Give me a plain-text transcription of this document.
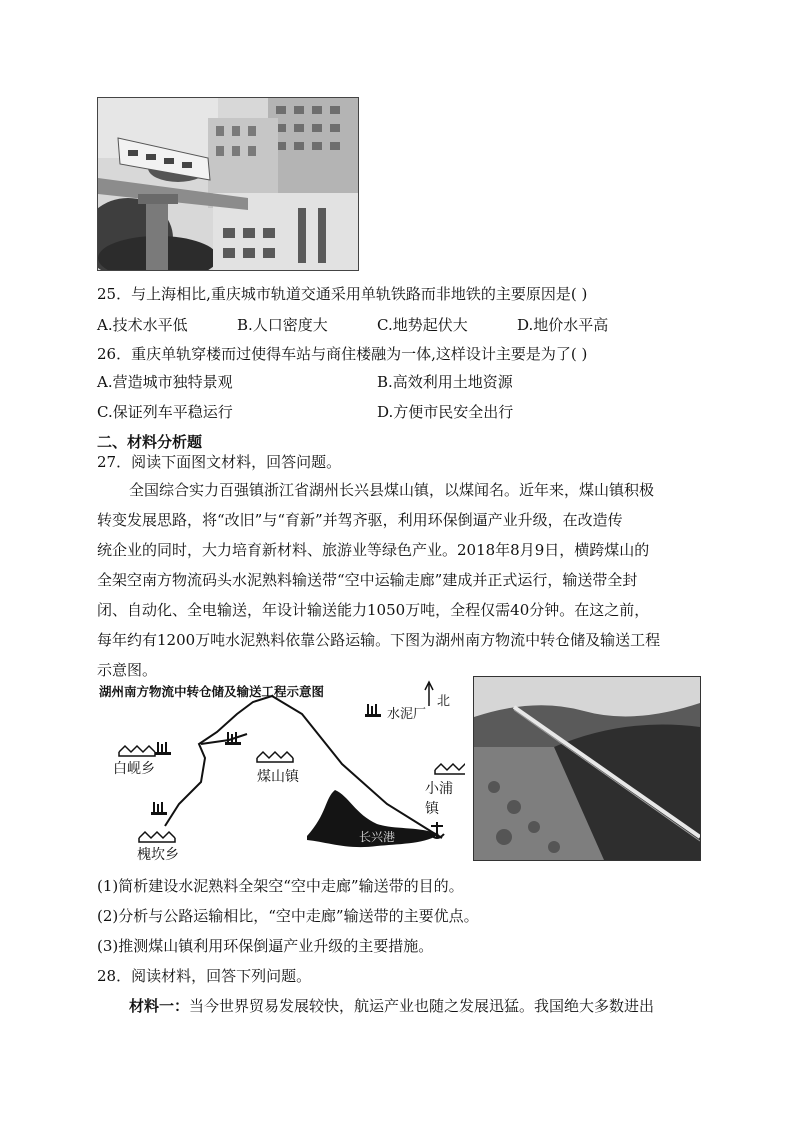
25．与上海相比,重庆城市轨道交通采用单轨铁路而非地铁的主要原因是( )
A.技术水平低	B.人口密度大	C.地势起伏大	D.地价水平高
26．重庆单轨穿楼而过使得车站与商住楼融为一体,这样设计主要是为了( )
A.营造城市独特景观	B.高效利用土地资源
C.保证列车平稳运行	D.方便市民安全出行
二、材料分析题
27．阅读下面图文材料，回答问题。
全国综合实力百强镇浙江省湖州长兴县煤山镇，以煤闻名。近年来，煤山镇积极
转变发展思路，将“改旧”与“育新”并驾齐驱，利用环保倒逼产业升级，在改造传
统企业的同时，大力培育新材料、旅游业等绿色产业。2018年8月9日，横跨煤山的
全架空南方物流码头水泥熟料输送带“空中运输走廊”建成并正式运行，输送带全封
闭、自动化、全电输送，年设计输送能力1050万吨，全程仅需40分钟。在这之前，
每年约有1200万吨水泥熟料依靠公路运输。下图为湖州南方物流中转仓储及输送工程
示意图。
湖州南方物流中转仓储及输送工程示意图
北
水泥厂
白岘乡	煤山镇
小浦镇
槐坎乡
长兴港
(1)简析建设水泥熟料全架空“空中走廊”输送带的目的。
(2)分析与公路运输相比，“空中走廊”输送带的主要优点。
(3)推测煤山镇利用环保倒逼产业升级的主要措施。
28．阅读材料，回答下列问题。
材料一：当今世界贸易发展较快，航运产业也随之发展迅猛。我国绝大多数进出
